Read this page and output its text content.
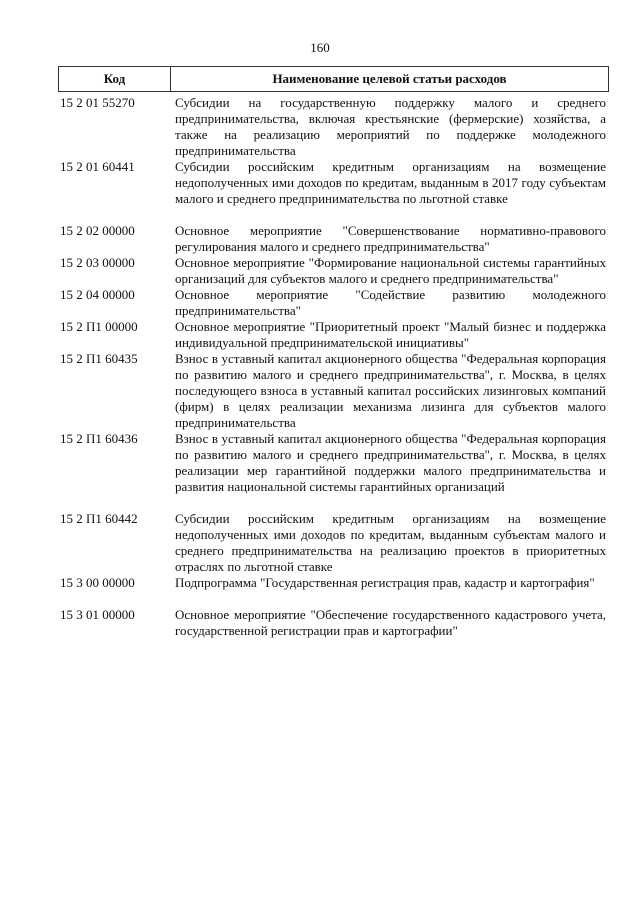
160
Код	Наименование целевой статьи расходов
15 2 01 55270	Субсидии на государственную поддержку малого и среднего предпринимательства, включая крестьянские (фермерские) хозяйства, а также на реализацию мероприятий по поддержке молодежного предпринимательства
15 2 01 60441	Субсидии российским кредитным организациям на возмещение недополученных ими доходов по кредитам, выданным в 2017 году субъектам малого и среднего предпринимательства по льготной ставке
15 2 02 00000	Основное мероприятие "Совершенствование нормативно-правового регулирования малого и среднего предпринимательства"
15 2 03 00000	Основное мероприятие "Формирование национальной системы гарантийных организаций для субъектов малого и среднего предпринимательства"
15 2 04 00000	Основное мероприятие "Содействие развитию молодежного предпринимательства"
15 2 П1 00000	Основное мероприятие "Приоритетный проект "Малый бизнес и поддержка индивидуальной предпринимательской инициативы"
15 2 П1 60435	Взнос в уставный капитал акционерного общества "Федеральная корпорация по развитию малого и среднего предпринимательства", г. Москва, в целях последующего взноса в уставный капитал российских лизинговых компаний (фирм) в целях реализации механизма лизинга для субъектов малого предпринимательства
15 2 П1 60436	Взнос в уставный капитал акционерного общества "Федеральная корпорация по развитию малого и среднего предпринимательства", г. Москва, в целях реализации мер гарантийной поддержки малого предпринимательства и развития национальной системы гарантийных организаций
15 2 П1 60442	Субсидии российским кредитным организациям на возмещение недополученных ими доходов по кредитам, выданным субъектам малого и среднего предпринимательства на реализацию проектов в приоритетных отраслях по льготной ставке
15 3 00 00000	Подпрограмма "Государственная регистрация прав, кадастр и картография"
15 3 01 00000	Основное мероприятие "Обеспечение государственного кадастрового учета, государственной регистрации прав и картографии"
